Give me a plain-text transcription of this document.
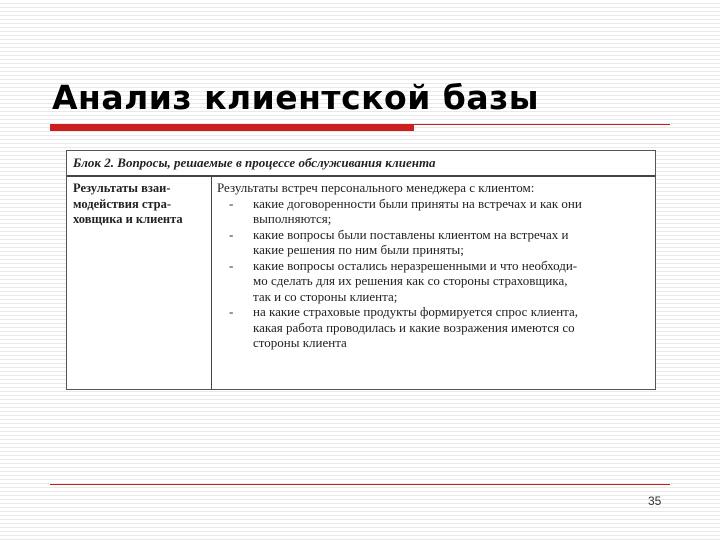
Анализ клиентской базы
Блок 2. Вопросы, решаемые в процессе обслуживания клиента
Результаты взаи-
модействия стра-
ховщика и клиента
Результаты встреч персонального менеджера с клиентом:
- какие договоренности были приняты на встречах и как они
выполняются;
- какие вопросы были поставлены клиентом на встречах и
какие решения по ним были приняты;
- какие вопросы остались неразрешенными и что необходи-
мо сделать для их решения как со стороны страховщика,
так и со стороны клиента;
- на какие страховые продукты формируется спрос клиента,
какая работа проводилась и какие возражения имеются со
стороны клиента
35
